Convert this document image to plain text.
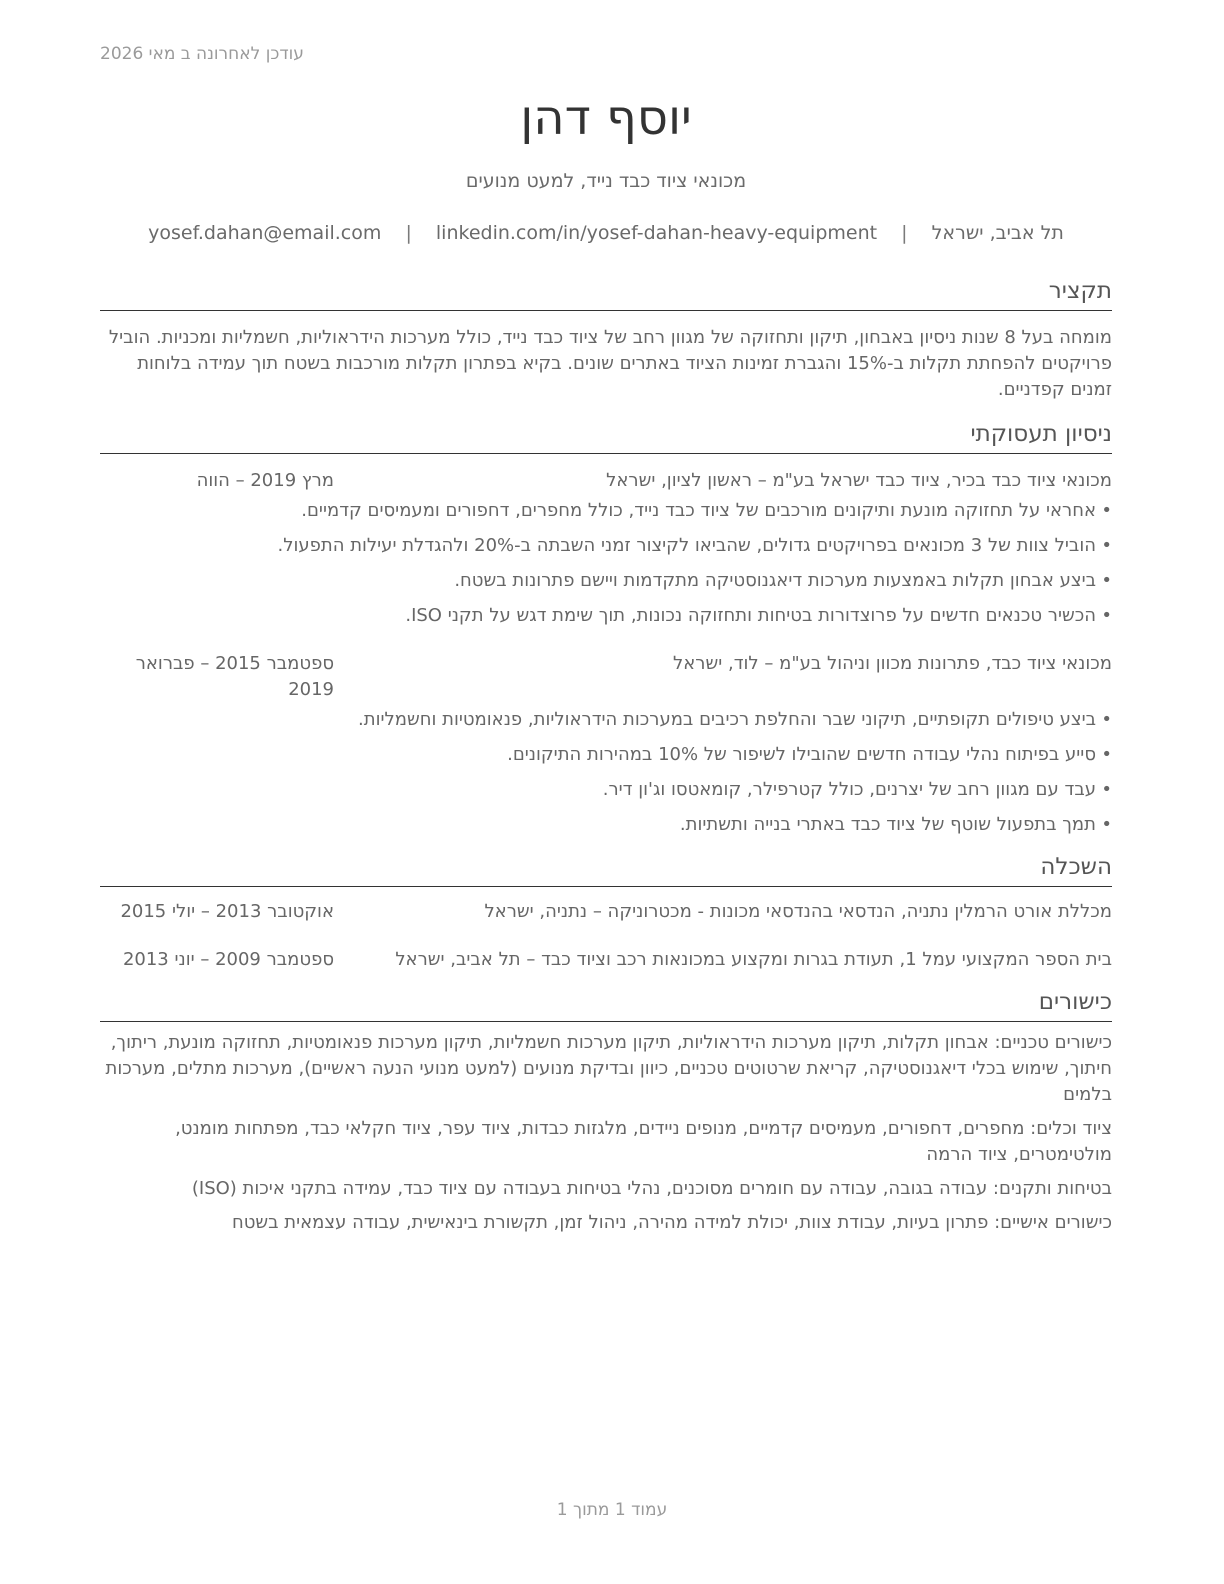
עודכן לאחרונה ב מאי 2026
יוסף דהן
מכונאי ציוד כבד נייד, למעט מנועים
תל אביב, ישראל | yosef.dahan@email.com | linkedin.com/in/yosef-dahan-heavy-equipment
תקציר
מומחה בעל 8 שנות ניסיון באבחון, תיקון ותחזוקה של מגוון רחב של ציוד כבד נייד, כולל מערכות הידראוליות, חשמליות ומכניות. הוביל פרויקטים להפחתת תקלות ב-15% והגברת זמינות הציוד באתרים שונים. בקיא בפתרון תקלות מורכבות בשטח תוך עמידה בלוחות זמנים קפדניים.
ניסיון תעסוקתי
מכונאי ציוד כבד בכיר, ציוד כבד ישראל בע"מ – ראשון לציון, ישראל
מרץ 2019 – הווה
• אחראי על תחזוקה מונעת ותיקונים מורכבים של ציוד כבד נייד, כולל מחפרים, דחפורים ומעמיסים קדמיים.
• הוביל צוות של 3 מכונאים בפרויקטים גדולים, שהביאו לקיצור זמני השבתה ב-20% ולהגדלת יעילות התפעול.
• ביצע אבחון תקלות באמצעות מערכות דיאגנוסטיקה מתקדמות ויישם פתרונות בשטח.
• הכשיר טכנאים חדשים על פרוצדורות בטיחות ותחזוקה נכונות, תוך שימת דגש על תקני ISO.
מכונאי ציוד כבד, פתרונות מכוון וניהול בע"מ – לוד, ישראל
ספטמבר 2015 – פברואר 2019
• ביצע טיפולים תקופתיים, תיקוני שבר והחלפת רכיבים במערכות הידראוליות, פנאומטיות וחשמליות.
• סייע בפיתוח נהלי עבודה חדשים שהובילו לשיפור של 10% במהירות התיקונים.
• עבד עם מגוון רחב של יצרנים, כולל קטרפילר, קומאטסו וג'ון דיר.
• תמך בתפעול שוטף של ציוד כבד באתרי בנייה ותשתיות.
השכלה
מכללת אורט הרמלין נתניה, הנדסאי בהנדסאי מכונות - מכטרוניקה – נתניה, ישראל
אוקטובר 2013 – יולי 2015
בית הספר המקצועי עמל 1, תעודת בגרות ומקצוע במכונאות רכב וציוד כבד – תל אביב, ישראל
ספטמבר 2009 – יוני 2013
כישורים
כישורים טכניים: אבחון תקלות, תיקון מערכות הידראוליות, תיקון מערכות חשמליות, תיקון מערכות פנאומטיות, תחזוקה מונעת, ריתוך, חיתוך, שימוש בכלי דיאגנוסטיקה, קריאת שרטוטים טכניים, כיוון ובדיקת מנועים (למעט מנועי הנעה ראשיים), מערכות מתלים, מערכות בלמים
ציוד וכלים: מחפרים, דחפורים, מעמיסים קדמיים, מנופים ניידים, מלגזות כבדות, ציוד עפר, ציוד חקלאי כבד, מפתחות מומנט, מולטימטרים, ציוד הרמה
בטיחות ותקנים: עבודה בגובה, עבודה עם חומרים מסוכנים, נהלי בטיחות בעבודה עם ציוד כבד, עמידה בתקני איכות (ISO)
כישורים אישיים: פתרון בעיות, עבודת צוות, יכולת למידה מהירה, ניהול זמן, תקשורת בינאישית, עבודה עצמאית בשטח
עמוד 1 מתוך 1
